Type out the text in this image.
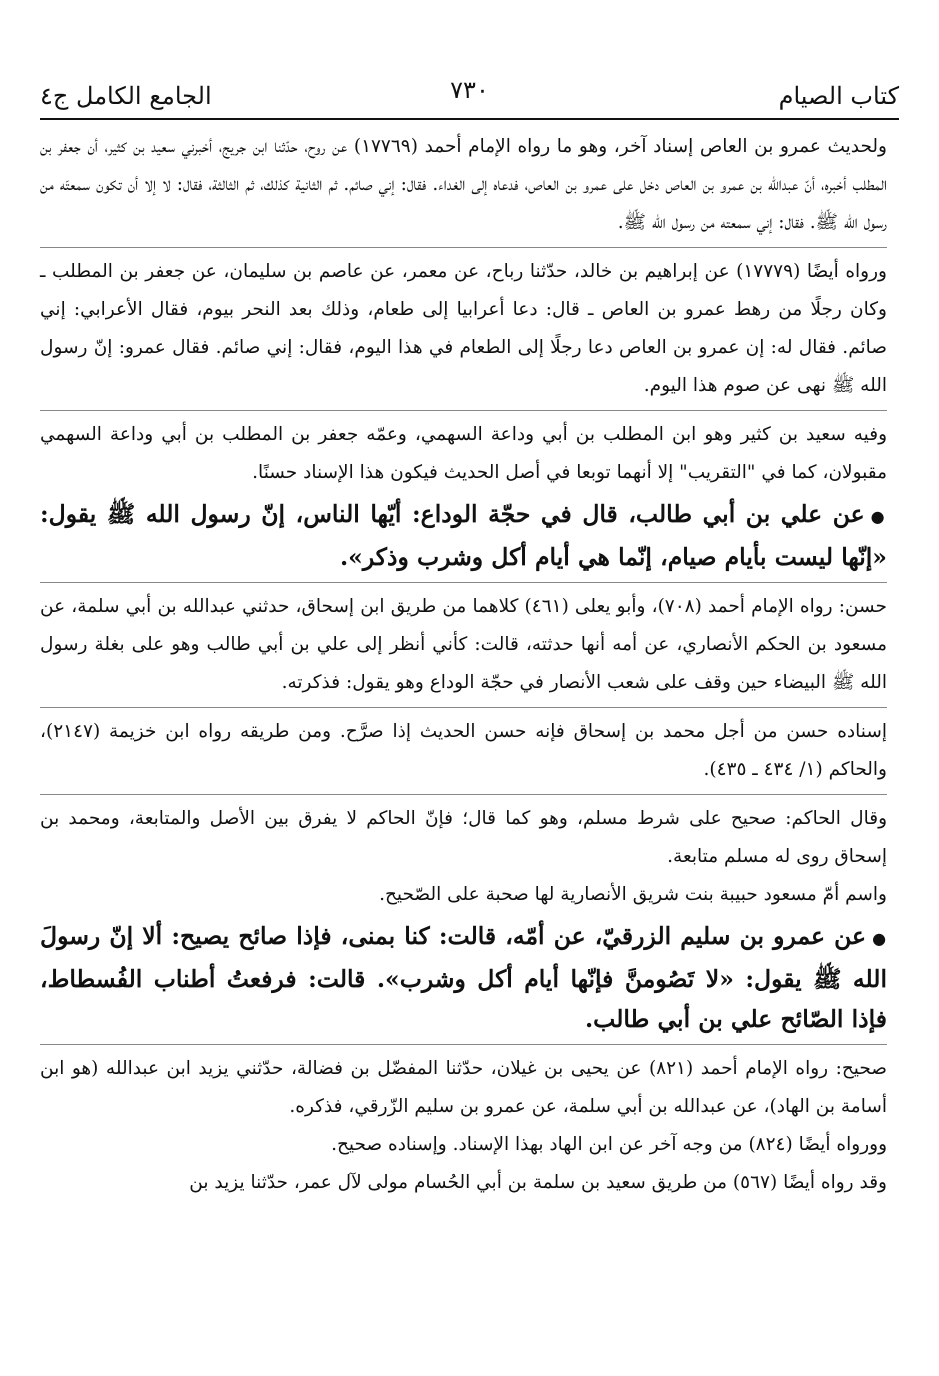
كتاب الصيام
٧٣٠
الجامع الكامل ج٤

ولحديث عمرو بن العاص إسناد آخر، وهو ما رواه الإمام أحمد (١٧٧٦٩) عن روح، حدّثنا ابن جريج، أخبرني سعيد بن كثير، أن جعفر بن المطلب أخبره، أنّ عبدالله بن عمرو بن العاص دخل على عمرو بن العاص، فدعاه إلى الغداء. فقال: إني صائم. ثم الثانية كذلك، ثم الثالثة، فقال: لا إلا أن تكون سمعتَه من رسول الله ﷺ. فقال: إني سمعته من رسول الله ﷺ.

ورواه أيضًا (١٧٧٧٩) عن إبراهيم بن خالد، حدّثنا رباح، عن معمر، عن عاصم بن سليمان، عن جعفر بن المطلب ـ وكان رجلًا من رهط عمرو بن العاص ـ قال: دعا أعرابيا إلى طعام، وذلك بعد النحر بيوم، فقال الأعرابي: إني صائم. فقال له: إن عمرو بن العاص دعا رجلًا إلى الطعام في هذا اليوم، فقال: إني صائم. فقال عمرو: إنّ رسول الله ﷺ نهى عن صوم هذا اليوم.

وفيه سعيد بن كثير وهو ابن المطلب بن أبي وداعة السهمي، وعمّه جعفر بن المطلب بن أبي وداعة السهمي مقبولان، كما في "التقريب" إلا أنهما توبعا في أصل الحديث فيكون هذا الإسناد حسنًا.

●عن علي بن أبي طالب، قال في حجّة الوداع: أيّها الناس، إنّ رسول الله ﷺ يقول: «إنّها ليست بأيام صيام، إنّما هي أيام أكل وشرب وذكر».

حسن: رواه الإمام أحمد (٧٠٨)، وأبو يعلى (٤٦١) كلاهما من طريق ابن إسحاق، حدثني عبدالله بن أبي سلمة، عن مسعود بن الحكم الأنصاري، عن أمه أنها حدثته، قالت: كأني أنظر إلى علي بن أبي طالب وهو على بغلة رسول الله ﷺ البيضاء حين وقف على شعب الأنصار في حجّة الوداع وهو يقول: فذكرته.

إسناده حسن من أجل محمد بن إسحاق فإنه حسن الحديث إذا صرَّح. ومن طريقه رواه ابن خزيمة (٢١٤٧)، والحاكم (١/ ٤٣٤ ـ ٤٣٥).

وقال الحاكم: صحيح على شرط مسلم، وهو كما قال؛ فإنّ الحاكم لا يفرق بين الأصل والمتابعة، ومحمد بن إسحاق روى له مسلم متابعة.

واسم أمّ مسعود حبيبة بنت شريق الأنصارية لها صحبة على الصّحيح.

●عن عمرو بن سليم الزرقيّ، عن أمّه، قالت: كنا بمنى، فإذا صائح يصيح: ألا إنّ رسولَ الله ﷺ يقول: «لا تَصُومنَّ فإنّها أيام أكل وشرب». قالت: فرفعتُ أطناب الفُسطاط، فإذا الصّائح علي بن أبي طالب.

صحيح: رواه الإمام أحمد (٨٢١) عن يحيى بن غيلان، حدّثنا المفضّل بن فضالة، حدّثني يزيد ابن عبدالله (هو ابن أسامة بن الهاد)، عن عبدالله بن أبي سلمة، عن عمرو بن سليم الزّرقي، فذكره.

وورواه أيضًا (٨٢٤) من وجه آخر عن ابن الهاد بهذا الإسناد. وإسناده صحيح.

وقد رواه أيضًا (٥٦٧) من طريق سعيد بن سلمة بن أبي الحُسام مولى لآل عمر، حدّثنا يزيد بن
